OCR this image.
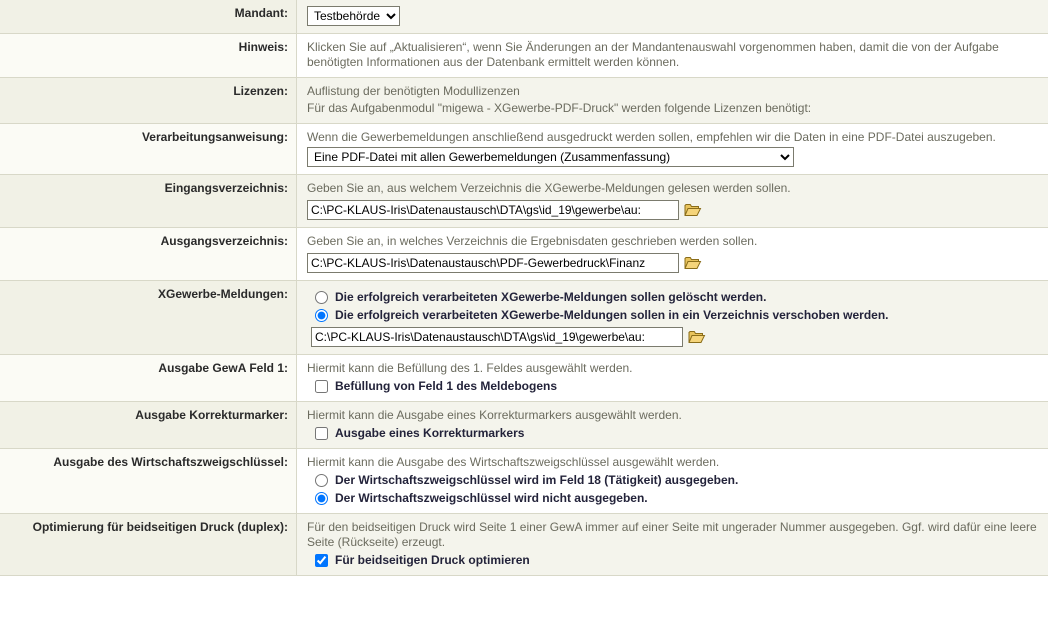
Mandant:
Testbehörde
Hinweis:	Klicken Sie auf „Aktualisieren“, wenn Sie Änderungen an der Mandantenauswahl vorgenommen haben, damit die von der Aufgabe benötigten Informationen aus der Datenbank ermittelt werden können.

Lizenzen:	Auflistung der benötigten Modullizenzen

Für das Aufgabenmodul "migewa - XGewerbe-PDF-Druck" werden folgende Lizenzen benötigt:

Verarbeitungsanweisung:	Wenn die Gewerbemeldungen anschließend ausgedruckt werden sollen, empfehlen wir die Daten in eine PDF-Datei auszugeben.

Eine PDF-Datei mit allen Gewerbemeldungen (Zusammenfassung)
Eingangsverzeichnis:	Geben Sie an, aus welchem Verzeichnis die XGewerbe-Meldungen gelesen werden sollen.

C:\PC-KLAUS-Iris\Datenaustausch\DTA\gs\id_19\gewerbe\au:
Ausgangsverzeichnis:	Geben Sie an, in welches Verzeichnis die Ergebnisdaten geschrieben werden sollen.

C:\PC-KLAUS-Iris\Datenaustausch\PDF-Gewerbedruck\Finanz
XGewerbe-Meldungen:	Die erfolgreich verarbeiteten XGewerbe-Meldungen sollen gelöscht werden.
Die erfolgreich verarbeiteten XGewerbe-Meldungen sollen in ein Verzeichnis verschoben werden.
C:\PC-KLAUS-Iris\Datenaustausch\DTA\gs\id_19\gewerbe\au:
Ausgabe GewA Feld 1:	Hiermit kann die Befüllung des 1. Feldes ausgewählt werden.

Befüllung von Feld 1 des Meldebogens
Ausgabe Korrekturmarker:	Hiermit kann die Ausgabe eines Korrekturmarkers ausgewählt werden.

Ausgabe eines Korrekturmarkers
Ausgabe des Wirtschaftszweigschlüssel:	Hiermit kann die Ausgabe des Wirtschaftszweigschlüssel ausgewählt werden.

Der Wirtschaftszweigschlüssel wird im Feld 18 (Tätigkeit) ausgegeben.
Der Wirtschaftszweigschlüssel wird nicht ausgegeben.
Optimierung für beidseitigen Druck (duplex):	Für den beidseitigen Druck wird Seite 1 einer GewA immer auf einer Seite mit ungerader Nummer ausgegeben. Ggf. wird dafür eine leere Seite (Rückseite) erzeugt.

Für beidseitigen Druck optimieren
